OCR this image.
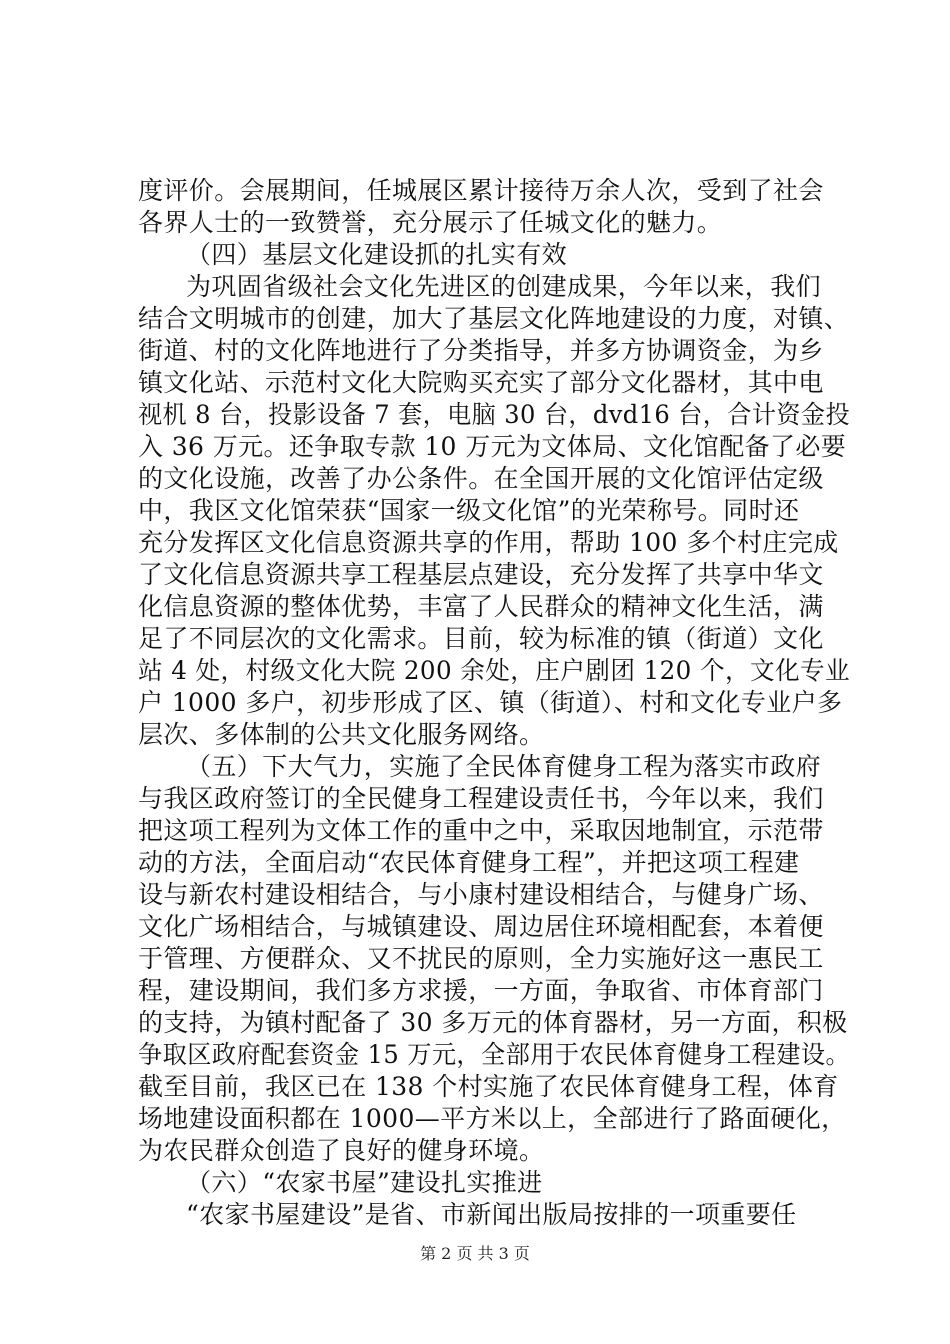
度评价。会展期间，任城展区累计接待万余人次，受到了社会
各界人士的一致赞誉，充分展示了任城文化的魅力。
（四）基层文化建设抓的扎实有效
为巩固省级社会文化先进区的创建成果，今年以来，我们
结合文明城市的创建，加大了基层文化阵地建设的力度，对镇、
街道、村的文化阵地进行了分类指导，并多方协调资金，为乡
镇文化站、示范村文化大院购买充实了部分文化器材，其中电
视机 8 台，投影设备 7 套，电脑 30 台，dvd16 台，合计资金投
入 36 万元。还争取专款 10 万元为文体局、文化馆配备了必要
的文化设施，改善了办公条件。在全国开展的文化馆评估定级
中，我区文化馆荣获“国家一级文化馆”的光荣称号。同时还
充分发挥区文化信息资源共享的作用，帮助 100 多个村庄完成
了文化信息资源共享工程基层点建设，充分发挥了共享中华文
化信息资源的整体优势，丰富了人民群众的精神文化生活，满
足了不同层次的文化需求。目前，较为标准的镇（街道）文化
站 4 处，村级文化大院 200 余处，庄户剧团 120 个，文化专业
户 1000 多户，初步形成了区、镇（街道）、村和文化专业户多
层次、多体制的公共文化服务网络。
（五）下大气力，实施了全民体育健身工程为落实市政府
与我区政府签订的全民健身工程建设责任书，今年以来，我们
把这项工程列为文体工作的重中之中，采取因地制宜，示范带
动的方法，全面启动“农民体育健身工程”，并把这项工程建
设与新农村建设相结合，与小康村建设相结合，与健身广场、
文化广场相结合，与城镇建设、周边居住环境相配套，本着便
于管理、方便群众、又不扰民的原则，全力实施好这一惠民工
程，建设期间，我们多方求援，一方面，争取省、市体育部门
的支持，为镇村配备了 30 多万元的体育器材，另一方面，积极
争取区政府配套资金 15 万元，全部用于农民体育健身工程建设。
截至目前，我区已在 138 个村实施了农民体育健身工程，体育
场地建设面积都在 1000—平方米以上，全部进行了路面硬化，
为农民群众创造了良好的健身环境。
（六）“农家书屋”建设扎实推进
“农家书屋建设”是省、市新闻出版局按排的一项重要任
第 2 页 共 3 页
